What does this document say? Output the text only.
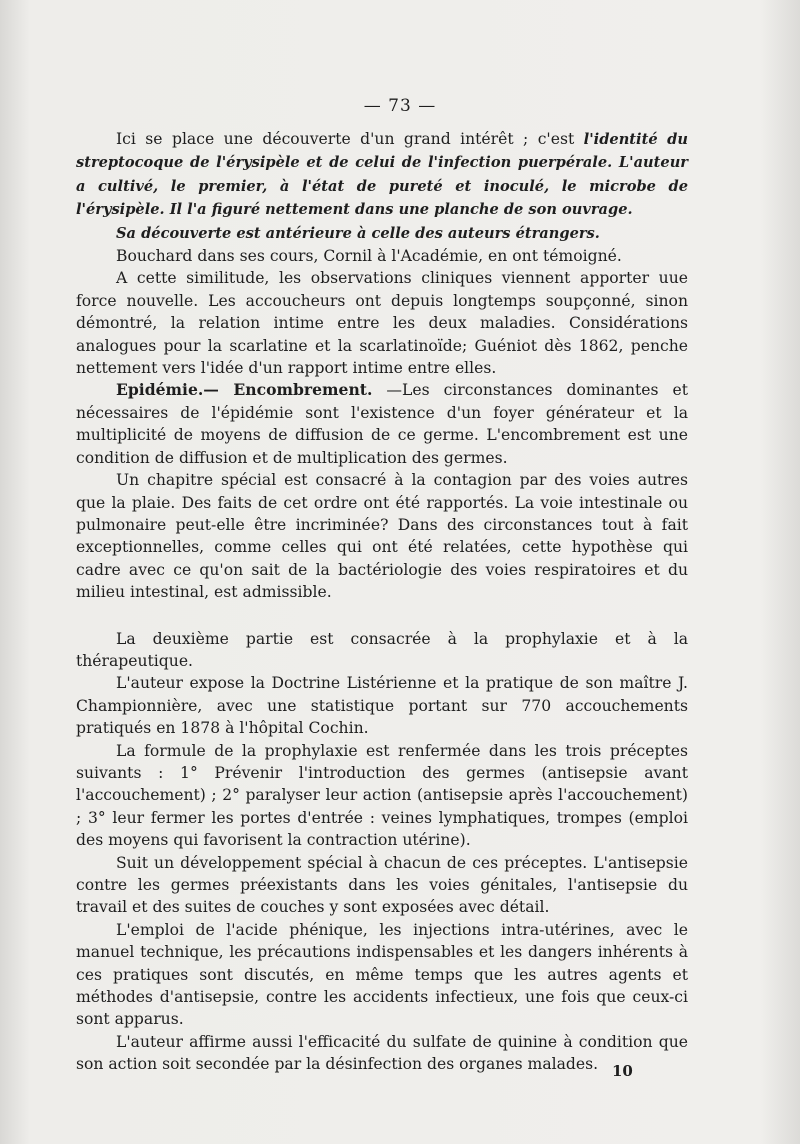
— 73 —

Ici se place une découverte d'un grand intérêt ; c'est l'identité du streptocoque de l'érysipèle et de celui de l'infection puerpérale. L'auteur a cultivé, le premier, à l'état de pureté et inoculé, le microbe de l'érysipèle. Il l'a figuré nettement dans une planche de son ouvrage.

Sa découverte est antérieure à celle des auteurs étrangers.

Bouchard dans ses cours, Cornil à l'Académie, en ont témoigné.

A cette similitude, les observations cliniques viennent apporter uue force nouvelle. Les accoucheurs ont depuis longtemps soupçonné, sinon démontré, la relation intime entre les deux maladies. Considérations analogues pour la scarlatine et la scarlatinoïde; Guéniot dès 1862, penche nettement vers l'idée d'un rapport intime entre elles.

Epidémie.— Encombrement. —Les circonstances dominantes et nécessaires de l'épidémie sont l'existence d'un foyer générateur et la multiplicité de moyens de diffusion de ce germe. L'encombrement est une condition de diffusion et de multiplication des germes.

Un chapitre spécial est consacré à la contagion par des voies autres que la plaie. Des faits de cet ordre ont été rapportés. La voie intestinale ou pulmonaire peut-elle être incriminée? Dans des circonstances tout à fait exceptionnelles, comme celles qui ont été relatées, cette hypothèse qui cadre avec ce qu'on sait de la bactériologie des voies respiratoires et du milieu intestinal, est admissible.

La deuxième partie est consacrée à la prophylaxie et à la thérapeutique.

L'auteur expose la Doctrine Listérienne et la pratique de son maître J. Championnière, avec une statistique portant sur 770 accouchements pratiqués en 1878 à l'hôpital Cochin.

La formule de la prophylaxie est renfermée dans les trois préceptes suivants : 1° Prévenir l'introduction des germes (antisepsie avant l'accouchement) ; 2° paralyser leur action (antisepsie après l'accouchement) ; 3° leur fermer les portes d'entrée : veines lymphatiques, trompes (emploi des moyens qui favorisent la contraction utérine).

Suit un développement spécial à chacun de ces préceptes. L'antisepsie contre les germes préexistants dans les voies génitales, l'antisepsie du travail et des suites de couches y sont exposées avec détail.

L'emploi de l'acide phénique, les injections intra-utérines, avec le manuel technique, les précautions indispensables et les dangers inhérents à ces pratiques sont discutés, en même temps que les autres agents et méthodes d'antisepsie, contre les accidents infectieux, une fois que ceux-ci sont apparus.

L'auteur affirme aussi l'efficacité du sulfate de quinine à condition que son action soit secondée par la désinfection des organes malades. 10
